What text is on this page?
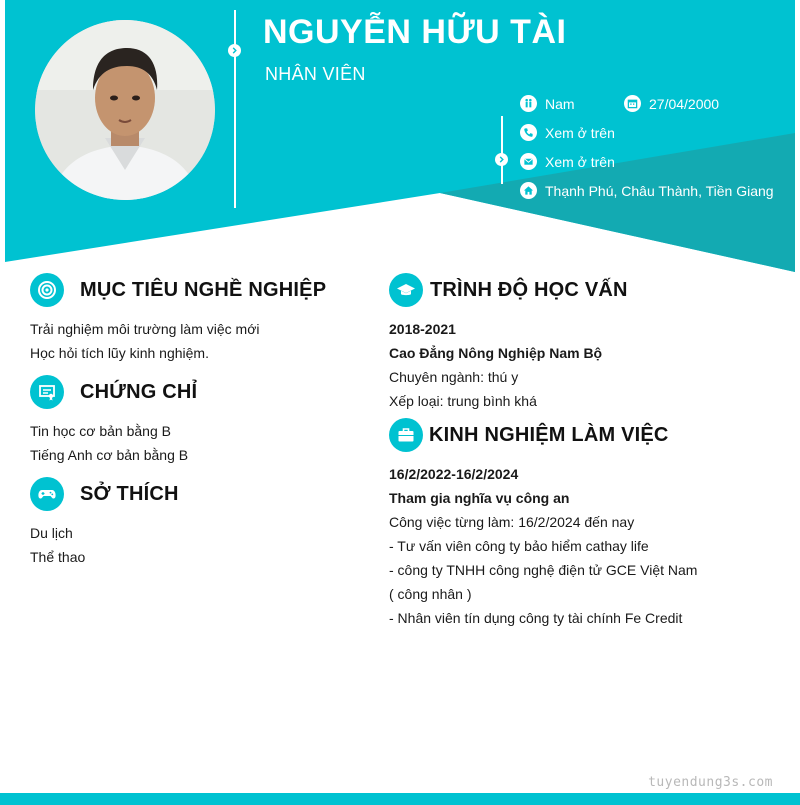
NGUYỄN HỮU TÀI
NHÂN VIÊN
Nam	27/04/2000
Xem ở trên
Xem ở trên
Thạnh Phú, Châu Thành, Tiền Giang
MỤC TIÊU NGHỀ NGHIỆP
Trải nghiệm môi trường làm việc mới
Học hỏi tích lũy kinh nghiệm.
CHỨNG CHỈ
Tin học cơ bản bằng B
Tiếng Anh cơ bản bằng B
SỞ THÍCH
Du lịch
Thể thao
TRÌNH ĐỘ HỌC VẤN
2018-2021
Cao Đẳng Nông Nghiệp Nam Bộ
Chuyên ngành: thú y
Xếp loại: trung bình khá
KINH NGHIỆM LÀM VIỆC
16/2/2022-16/2/2024
Tham gia nghĩa vụ công an
Công việc từng làm: 16/2/2024 đến nay
- Tư vấn viên công ty bảo hiểm cathay life
- công ty TNHH công nghệ điện tử GCE Việt Nam
( công nhân )
- Nhân viên tín dụng công ty tài chính Fe Credit
tuyendung3s.com
